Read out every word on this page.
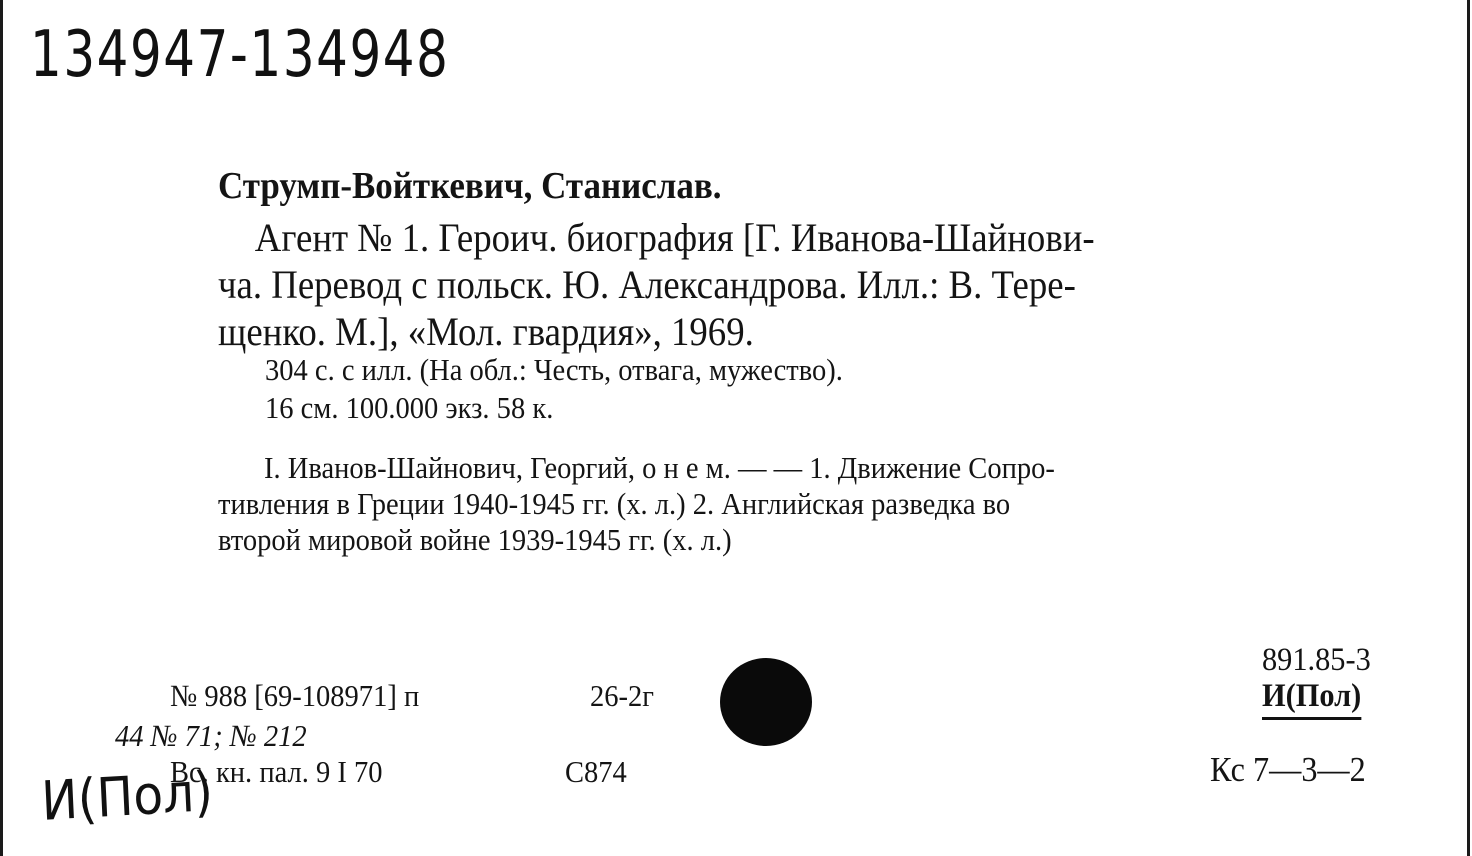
134947-134948
Струмп-Войткевич, Станислав.
Агент № 1. Героич. биография [Г. Иванова-Шайнови-
ча. Перевод с польск. Ю. Александрова. Илл.: В. Тере-
щенко. М.], «Мол. гвардия», 1969.
304 с. с илл. (На обл.: Честь, отвага, мужество).
16 см. 100.000 экз. 58 к.
I. Иванов-Шайнович, Георгий, о н е м. — — 1. Движение Сопро-
тивления в Греции 1940-1945 гг. (х. л.) 2. Английская разведка во
второй мировой войне 1939-1945 гг. (х. л.)
№ 988 [69-108971] п	26-2г
44 № 71; № 212
Вс. кн. пал. 9 I 70	С874
891.85-3
И(Пол)
Кс 7—3—2
И(Пол)
